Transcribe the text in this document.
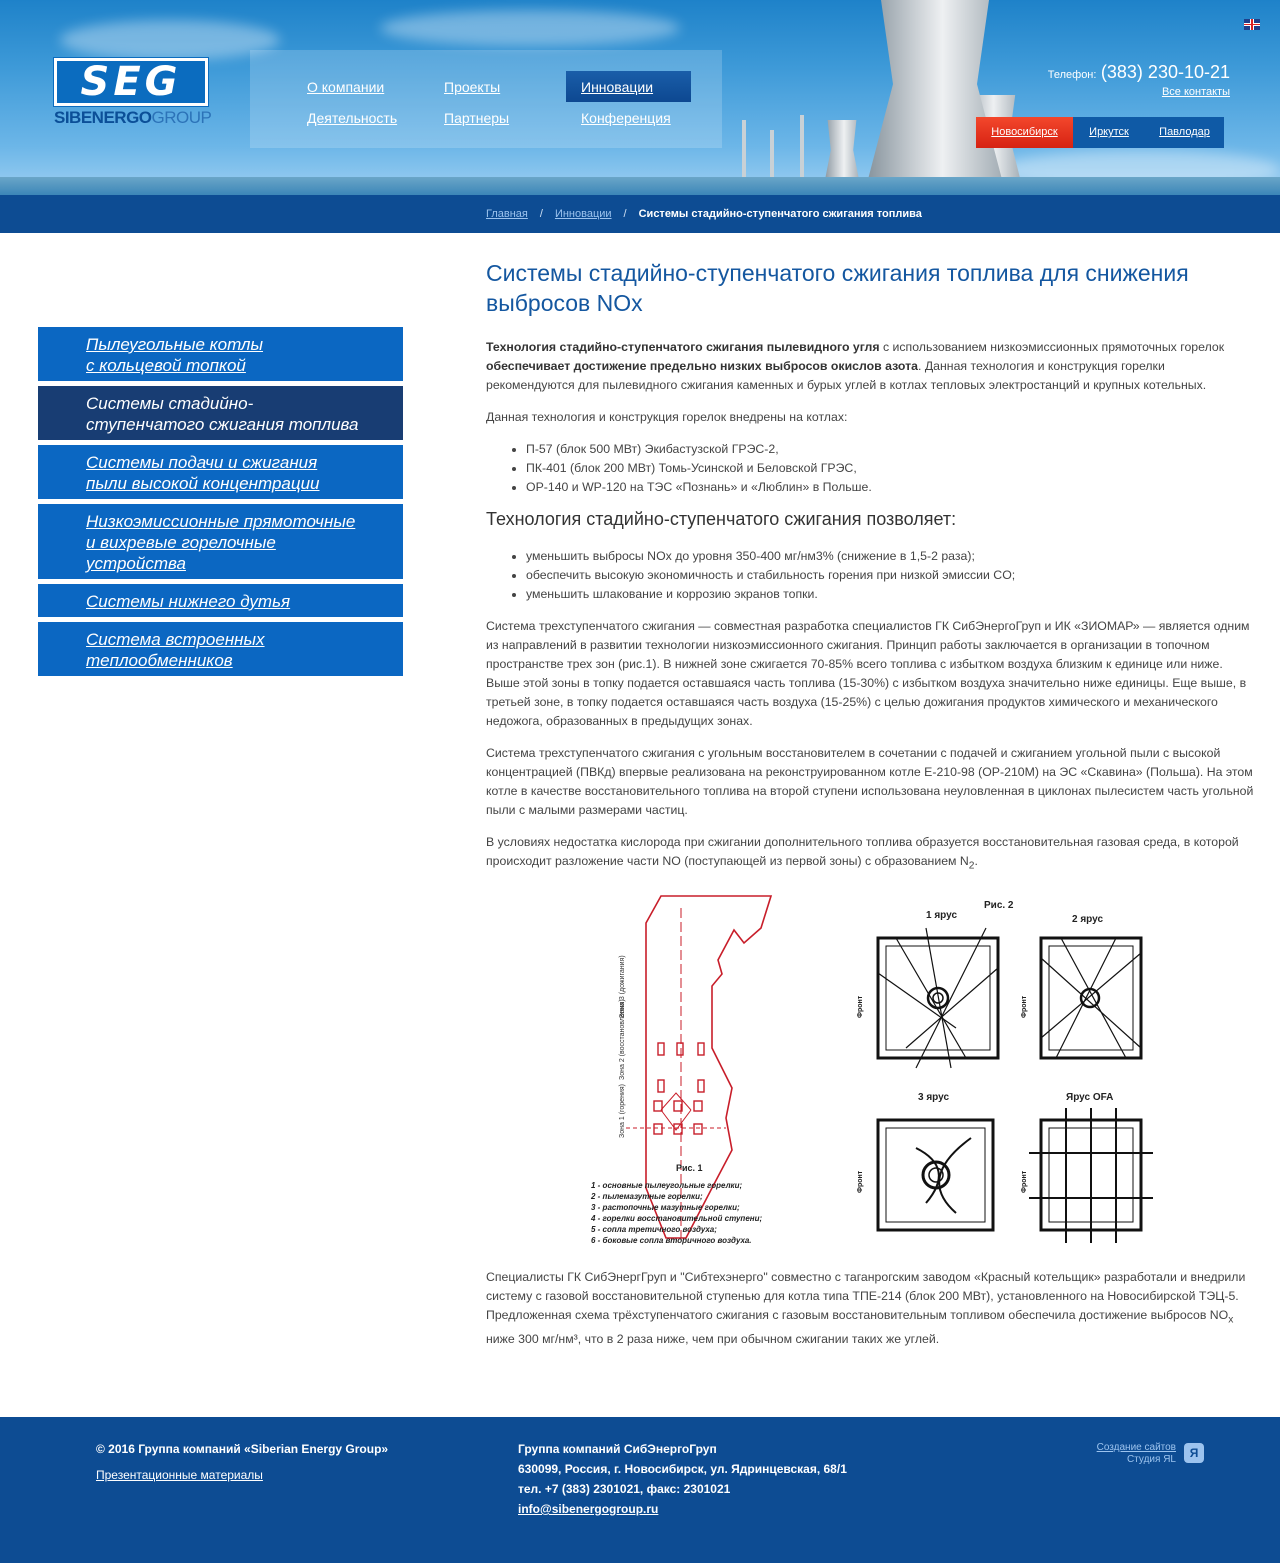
SEG
SIBENERGOGROUP
О компании	Проекты	Инновации
Деятельность	Партнеры	Конференция
Телефон: (383) 230-10-21
Все контакты
Новосибирск	Иркутск	Павлодар
Главная / Инновации / Системы стадийно-ступенчатого сжигания топлива
Пылеугольные котлы
с кольцевой топкой
Системы стадийно-
ступенчатого сжигания топлива
Системы подачи и сжигания
пыли высокой концентрации
Низкоэмиссионные прямоточные
и вихревые горелочные
устройства
Системы нижнего дутья
Система встроенных
теплообменников
Системы стадийно-ступенчатого сжигания топлива для снижения выбросов NOx

Технология стадийно-ступенчатого сжигания пылевидного угля с использованием низкоэмиссионных прямоточных горелок обеспечивает достижение предельно низких выбросов окислов азота. Данная технология и конструкция горелки рекомендуются для пылевидного сжигания каменных и бурых углей в котлах тепловых электростанций и крупных котельных.

Данная технология и конструкция горелок внедрены на котлах:

• П-57 (блок 500 МВт) Экибастузской ГРЭС-2,
• ПК-401 (блок 200 МВт) Томь-Усинской и Беловской ГРЭС,
• ОР-140 и WP-120 на ТЭС «Познань» и «Люблин» в Польше.
Технология стадийно-ступенчатого сжигания позволяет:
• уменьшить выбросы NOx до уровня 350-400 мг/нм3% (снижение в 1,5-2 раза);
• обеспечить высокую экономичность и стабильность горения при низкой эмиссии CO;
• уменьшить шлакование и коррозию экранов топки.

Система трехступенчатого сжигания — совместная разработка специалистов ГК СибЭнергоГруп и ИК «ЗИОМАР» — является одним из направлений в развитии технологии низкоэмиссионного сжигания. Принцип работы заключается в организации в топочном пространстве трех зон (рис.1). В нижней зоне сжигается 70-85% всего топлива с избытком воздуха близким к единице или ниже. Выше этой зоны в топку подается оставшаяся часть топлива (15-30%) с избытком воздуха значительно ниже единицы. Еще выше, в третьей зоне, в топку подается оставшаяся часть воздуха (15-25%) с целью дожигания продуктов химического и механического недожога, образованных в предыдущих зонах.

Система трехступенчатого сжигания с угольным восстановителем в сочетании с подачей и сжиганием угольной пыли с высокой концентрацией (ПВКд) впервые реализована на реконструированном котле Е-210-98 (ОР-210М) на ЭС «Скавина» (Польша). На этом котле в качестве восстановительного топлива на второй ступени использована неуловленная в циклонах пылесистем часть угольной пыли с малыми размерами частиц.

В условиях недостатка кислорода при сжигании дополнительного топлива образуется восстановительная газовая среда, в которой происходит разложение части NO (поступающей из первой зоны) с образованием $N_2$.

Зона 3 (дожигания)
Зона 2 (восстановления)
Зона 1 (горения)
Рис. 1
1 - основные пылеугольные горелки;
2 - пылемазутные горелки;
3 - растопочные мазутные горелки;
4 - горелки восстановительной ступени;
5 - сопла третичного воздуха;
6 - боковые сопла вторичного воздуха.
Рис. 2
1 ярус	2 ярус
3 ярус	Ярус OFA
Фронт	Фронт
Фронт	Фронт

Специалисты ГК СибЭнергГруп и "Сибтехэнерго" совместно с таганрогским заводом «Красный котельщик» разработали и внедрили систему с газовой восстановительной ступенью для котла типа ТПЕ-214 (блок 200 МВт), установленного на Новосибирской ТЭЦ-5. Предложенная схема трёхступенчатого сжигания с газовым восстановительным топливом обеспечила достижение выбросов $NO_x$ ниже 300 мг/нм³, что в 2 раза ниже, чем при обычном сжигании таких же углей.

© 2016 Группа компаний «Siberian Energy Group»
Презентационные материалы
Группа компаний СибЭнергоГруп
630099, Россия, г. Новосибирск, ул. Ядринцевская, 68/1
тел. +7 (383) 2301021, факс: 2301021
info@sibenergogroup.ru
Создание сайтов
Студия ЯL	Я
